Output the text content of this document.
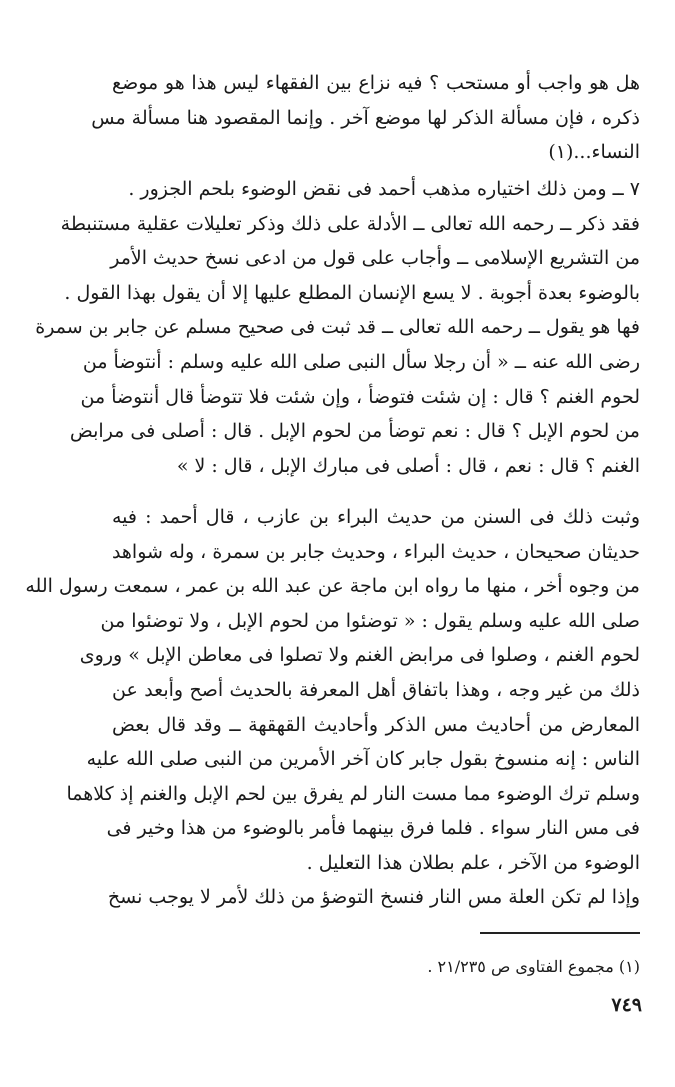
هل هو واجب أو مستحب ؟ فيه نزاع بين الفقهاء ليس هذا هو موضع
ذكره ، فإن مسألة الذكر لها موضع آخر . وإنما المقصود هنا مسألة مس
النساء...(١)
٧ ــ ومن ذلك اختياره مذهب أحمد فى نقض الوضوء بلحم الجزور .
فقد ذكر ــ رحمه الله تعالى ــ الأدلة على ذلك وذكر تعليلات عقلية مستنبطة
من التشريع الإسلامى ــ وأجاب على قول من ادعى نسخ حديث الأمر
بالوضوء بعدة أجوبة . لا يسع الإنسان المطلع عليها إلا أن يقول بهذا القول .
فها هو يقول ــ رحمه الله تعالى ــ قد ثبت فى صحيح مسلم عن جابر بن سمرة
رضى الله عنه ــ « أن رجلا سأل النبى صلى الله عليه وسلم : أنتوضأ من
لحوم الغنم ؟ قال : إن شئت فتوضأ ، وإن شئت فلا تتوضأ قال أنتوضأ من
من لحوم الإبل ؟ قال : نعم توضأ من لحوم الإبل . قال : أصلى فى مرابض
الغنم ؟ قال : نعم ، قال : أصلى فى مبارك الإبل ، قال : لا »
وثبت ذلك فى السنن من حديث البراء بن عازب ، قال أحمد : فيه
حديثان صحيحان ، حديث البراء ، وحديث جابر بن سمرة ، وله شواهد
من وجوه أخر ، منها ما رواه ابن ماجة عن عبد الله بن عمر ، سمعت رسول الله
صلى الله عليه وسلم يقول : « توضئوا من لحوم الإبل ، ولا توضئوا من
لحوم الغنم ، وصلوا فى مرابض الغنم ولا تصلوا فى معاطن الإبل » وروى
ذلك من غير وجه ، وهذا باتفاق أهل المعرفة بالحديث أصح وأبعد عن
المعارض من أحاديث مس الذكر وأحاديث القهقهة ــ وقد قال بعض
الناس : إنه منسوخ بقول جابر كان آخر الأمرين من النبى صلى الله عليه
وسلم ترك الوضوء مما مست النار لم يفرق بين لحم الإبل والغنم إذ كلاهما
فى مس النار سواء . فلما فرق بينهما فأمر بالوضوء من هذا وخير فى
الوضوء من الآخر ، علم بطلان هذا التعليل .
وإذا لم تكن العلة مس النار فنسخ التوضؤ من ذلك لأمر لا يوجب نسخ

(١) مجموع الفتاوى ص ٢١/٢٣٥ .

٧٤٩
